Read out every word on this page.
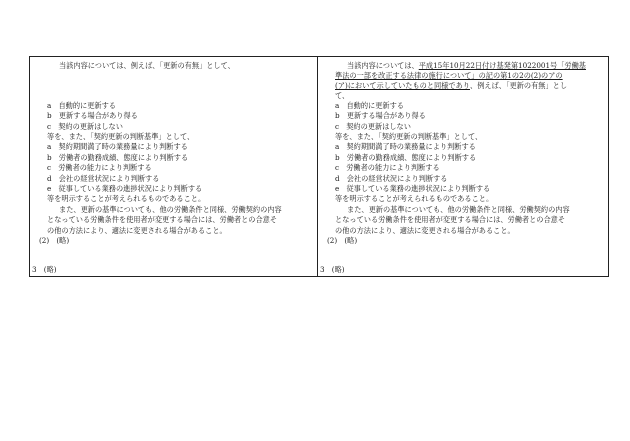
当該内容については、例えば、「更新の有無」として、
a　自動的に更新する
b　更新する場合があり得る
c　契約の更新はしない
等を、また、「契約更新の判断基準」として、
a　契約期間満了時の業務量により判断する
b　労働者の勤務成績、態度により判断する
c　労働者の能力により判断する
d　会社の経営状況により判断する
e　従事している業務の進捗状況により判断する
等を明示することが考えられるものであること。
また、更新の基準についても、他の労働条件と同様、労働契約の内容
となっている労働条件を使用者が変更する場合には、労働者との合意そ
の他の方法により、適法に変更される場合があること。
(2)　(略)
3　(略)
当該内容については、平成15年10月22日付け基発第1022001号「労働基
準法の一部を改正する法律の施行について」の記の第1の2の(2)のアの
(ア)において示していたものと同様であり、例えば、「更新の有無」とし
て、
a　自動的に更新する
b　更新する場合があり得る
c　契約の更新はしない
等を、また、「契約更新の判断基準」として、
a　契約期間満了時の業務量により判断する
b　労働者の勤務成績、態度により判断する
c　労働者の能力により判断する
d　会社の経営状況により判断する
e　従事している業務の進捗状況により判断する
等を明示することが考えられるものであること。
また、更新の基準についても、他の労働条件と同様、労働契約の内容
となっている労働条件を使用者が変更する場合には、労働者との合意そ
の他の方法により、適法に変更される場合があること。
(2)　(略)
3　(略)
